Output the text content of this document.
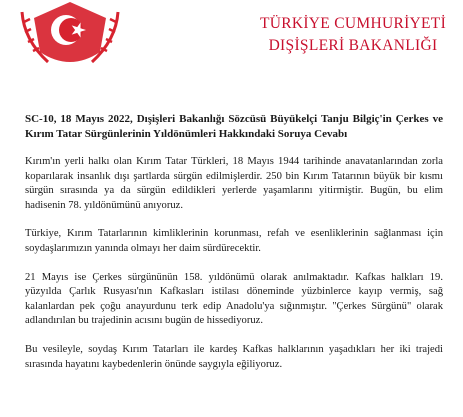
TÜRKİYE CUMHURİYETİ
DIŞİŞLERİ BAKANLIĞI

SC-10, 18 Mayıs 2022, Dışişleri Bakanlığı Sözcüsü Büyükelçi Tanju Bilgiç'in Çerkes ve Kırım Tatar Sürgünlerinin Yıldönümleri Hakkındaki Soruya Cevabı

Kırım'ın yerli halkı olan Kırım Tatar Türkleri, 18 Mayıs 1944 tarihinde anavatanlarından zorla koparılarak insanlık dışı şartlarda sürgün edilmişlerdir. 250 bin Kırım Tatarının büyük bir kısmı sürgün sırasında ya da sürgün edildikleri yerlerde yaşamlarını yitirmiştir. Bugün, bu elim hadisenin 78. yıldönümünü anıyoruz.

Türkiye, Kırım Tatarlarının kimliklerinin korunması, refah ve esenliklerinin sağlanması için soydaşlarımızın yanında olmayı her daim sürdürecektir.

21 Mayıs ise Çerkes sürgününün 158. yıldönümü olarak anılmaktadır. Kafkas halkları 19. yüzyılda Çarlık Rusyası'nın Kafkasları istilası döneminde yüzbinlerce kayıp vermiş, sağ kalanlardan pek çoğu anayurdunu terk edip Anadolu'ya sığınmıştır. "Çerkes Sürgünü" olarak adlandırılan bu trajedinin acısını bugün de hissediyoruz.

Bu vesileyle, soydaş Kırım Tatarları ile kardeş Kafkas halklarının yaşadıkları her iki trajedi sırasında hayatını kaybedenlerin önünde saygıyla eğiliyoruz.
